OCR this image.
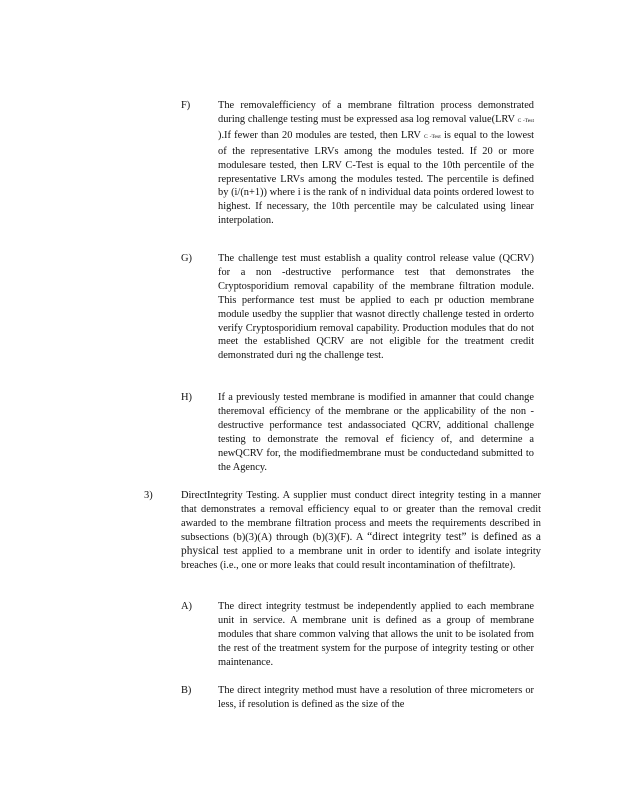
F)	The removalefficiency of a membrane filtration process demonstrated during challenge testing must be expressed asa log removal value(LRV C -Test ).If fewer than 20 modules are tested, then LRV C -Test is equal to the lowest of the representative LRVs among the modules tested. If 20 or more modulesare tested, then LRV C-Test is equal to the 10th percentile of the representative LRVs among the modules tested. The percentile is defined by (i/(n+1)) where i is the rank of n individual data points ordered lowest to highest. If necessary, the 10th percentile may be calculated using linear interpolation.
G)	The challenge test must establish a quality control release value (QCRV) for a non -destructive performance test that demonstrates the Cryptosporidium removal capability of the membrane filtration module. This performance test must be applied to each pr oduction membrane module usedby the supplier that wasnot directly challenge tested in orderto verify Cryptosporidium removal capability. Production modules that do not meet the established QCRV are not eligible for the treatment credit demonstrated duri ng the challenge test.
H)	If a previously tested membrane is modified in amanner that could change theremoval efficiency of the membrane or the applicability of the non -destructive performance test andassociated QCRV, additional challenge testing to demonstrate the removal ef ficiency of, and determine a newQCRV for, the modifiedmembrane must be conductedand submitted to the Agency.
3)	DirectIntegrity Testing. A supplier must conduct direct integrity testing in a manner that demonstrates a removal efficiency equal to or greater than the removal credit awarded to the membrane filtration process and meets the requirements described in subsections (b)(3)(A) through (b)(3)(F). A “direct integrity test” is defined as a physical test applied to a membrane unit in order to identify and isolate integrity breaches (i.e., one or more leaks that could result incontamination of thefiltrate).
A)	The direct integrity testmust be independently applied to each membrane unit in service. A membrane unit is defined as a group of membrane modules that share common valving that allows the unit to be isolated from the rest of the treatment system for the purpose of integrity testing or other maintenance.
B)	The direct integrity method must have a resolution of three micrometers or less, if resolution is defined as the size of the
